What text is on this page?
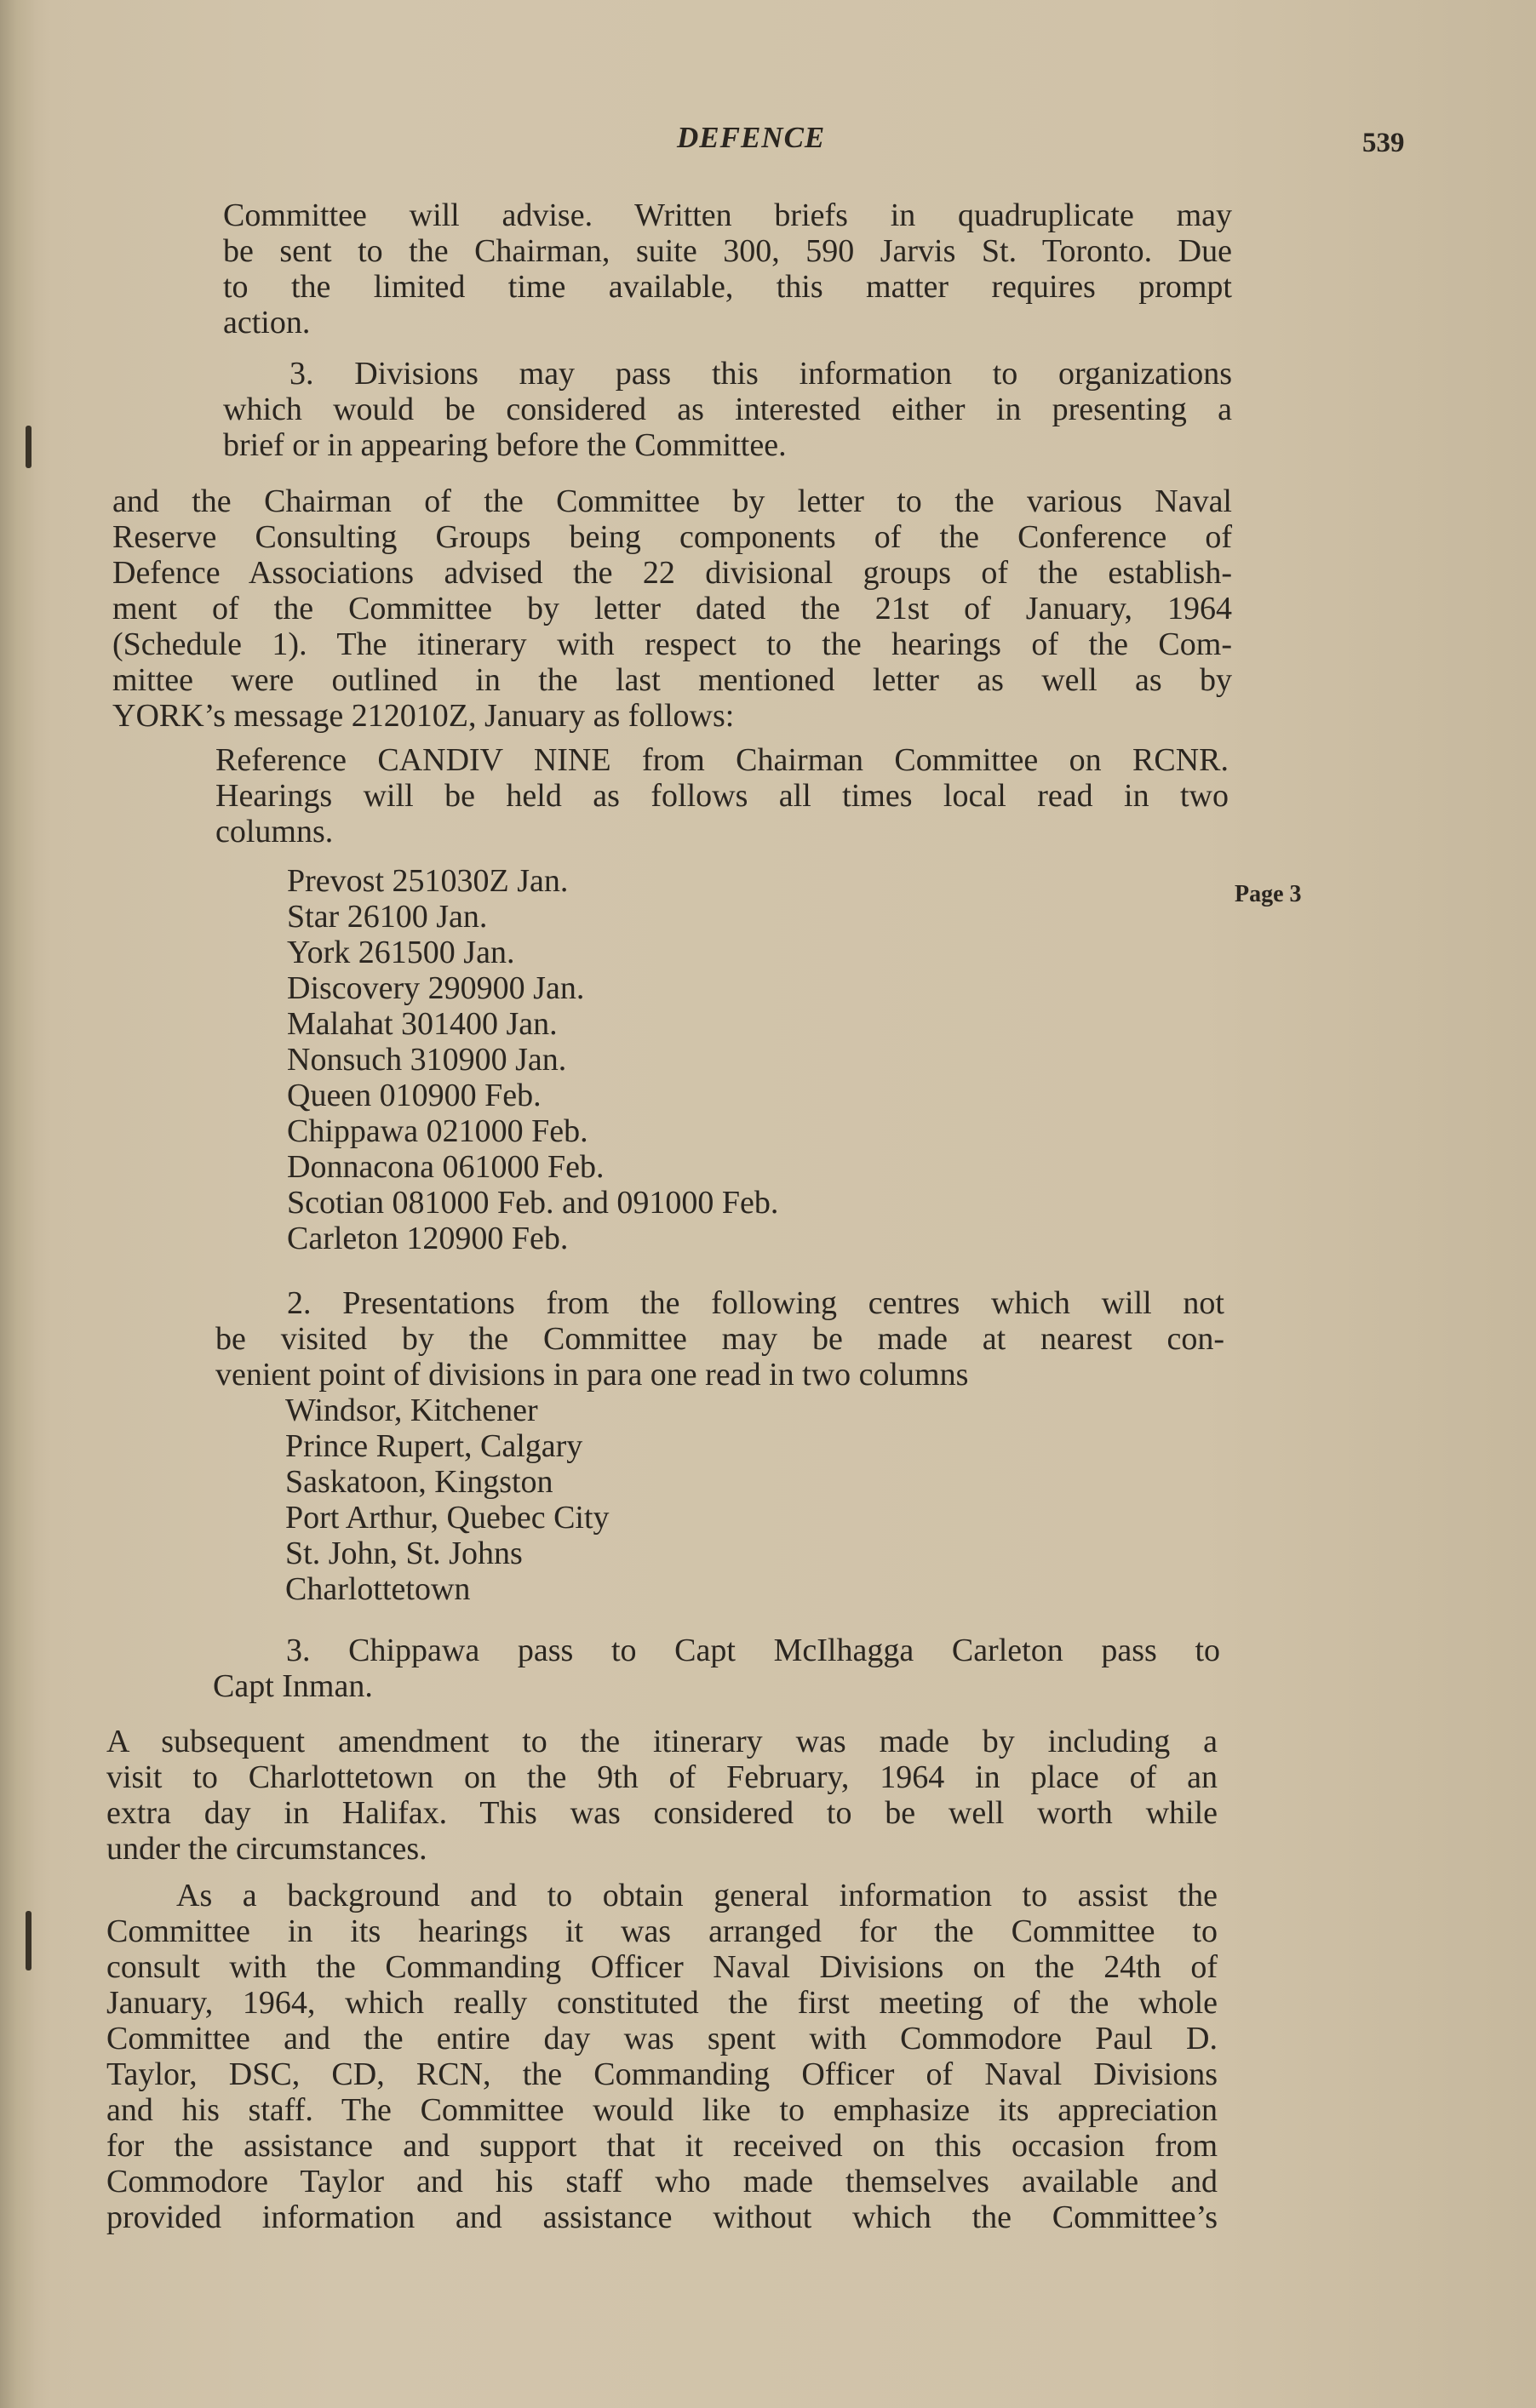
DEFENCE	539
Page 3
Committee will advise. Written briefs in quadruplicate may
be sent to the Chairman, suite 300, 590 Jarvis St. Toronto. Due
to the limited time available, this matter requires prompt
action.
3. Divisions may pass this information to organizations
which would be considered as interested either in presenting a
brief or in appearing before the Committee.
and the Chairman of the Committee by letter to the various Naval
Reserve Consulting Groups being components of the Conference of
Defence Associations advised the 22 divisional groups of the establish-
ment of the Committee by letter dated the 21st of January, 1964
(Schedule 1). The itinerary with respect to the hearings of the Com-
mittee were outlined in the last mentioned letter as well as by
YORK’s message 212010Z, January as follows:
Reference CANDIV NINE from Chairman Committee on RCNR.
Hearings will be held as follows all times local read in two
columns.
Prevost 251030Z Jan.
Star 26100 Jan.
York 261500 Jan.
Discovery 290900 Jan.
Malahat 301400 Jan.
Nonsuch 310900 Jan.
Queen 010900 Feb.
Chippawa 021000 Feb.
Donnacona 061000 Feb.
Scotian 081000 Feb. and 091000 Feb.
Carleton 120900 Feb.
2. Presentations from the following centres which will not
be visited by the Committee may be made at nearest con-
venient point of divisions in para one read in two columns
Windsor, Kitchener
Prince Rupert, Calgary
Saskatoon, Kingston
Port Arthur, Quebec City
St. John, St. Johns
Charlottetown
3. Chippawa pass to Capt McIlhagga Carleton pass to
Capt Inman.
A subsequent amendment to the itinerary was made by including a
visit to Charlottetown on the 9th of February, 1964 in place of an
extra day in Halifax. This was considered to be well worth while
under the circumstances.
As a background and to obtain general information to assist the
Committee in its hearings it was arranged for the Committee to
consult with the Commanding Officer Naval Divisions on the 24th of
January, 1964, which really constituted the first meeting of the whole
Committee and the entire day was spent with Commodore Paul D.
Taylor, DSC, CD, RCN, the Commanding Officer of Naval Divisions
and his staff. The Committee would like to emphasize its appreciation
for the assistance and support that it received on this occasion from
Commodore Taylor and his staff who made themselves available and
provided information and assistance without which the Committee’s
